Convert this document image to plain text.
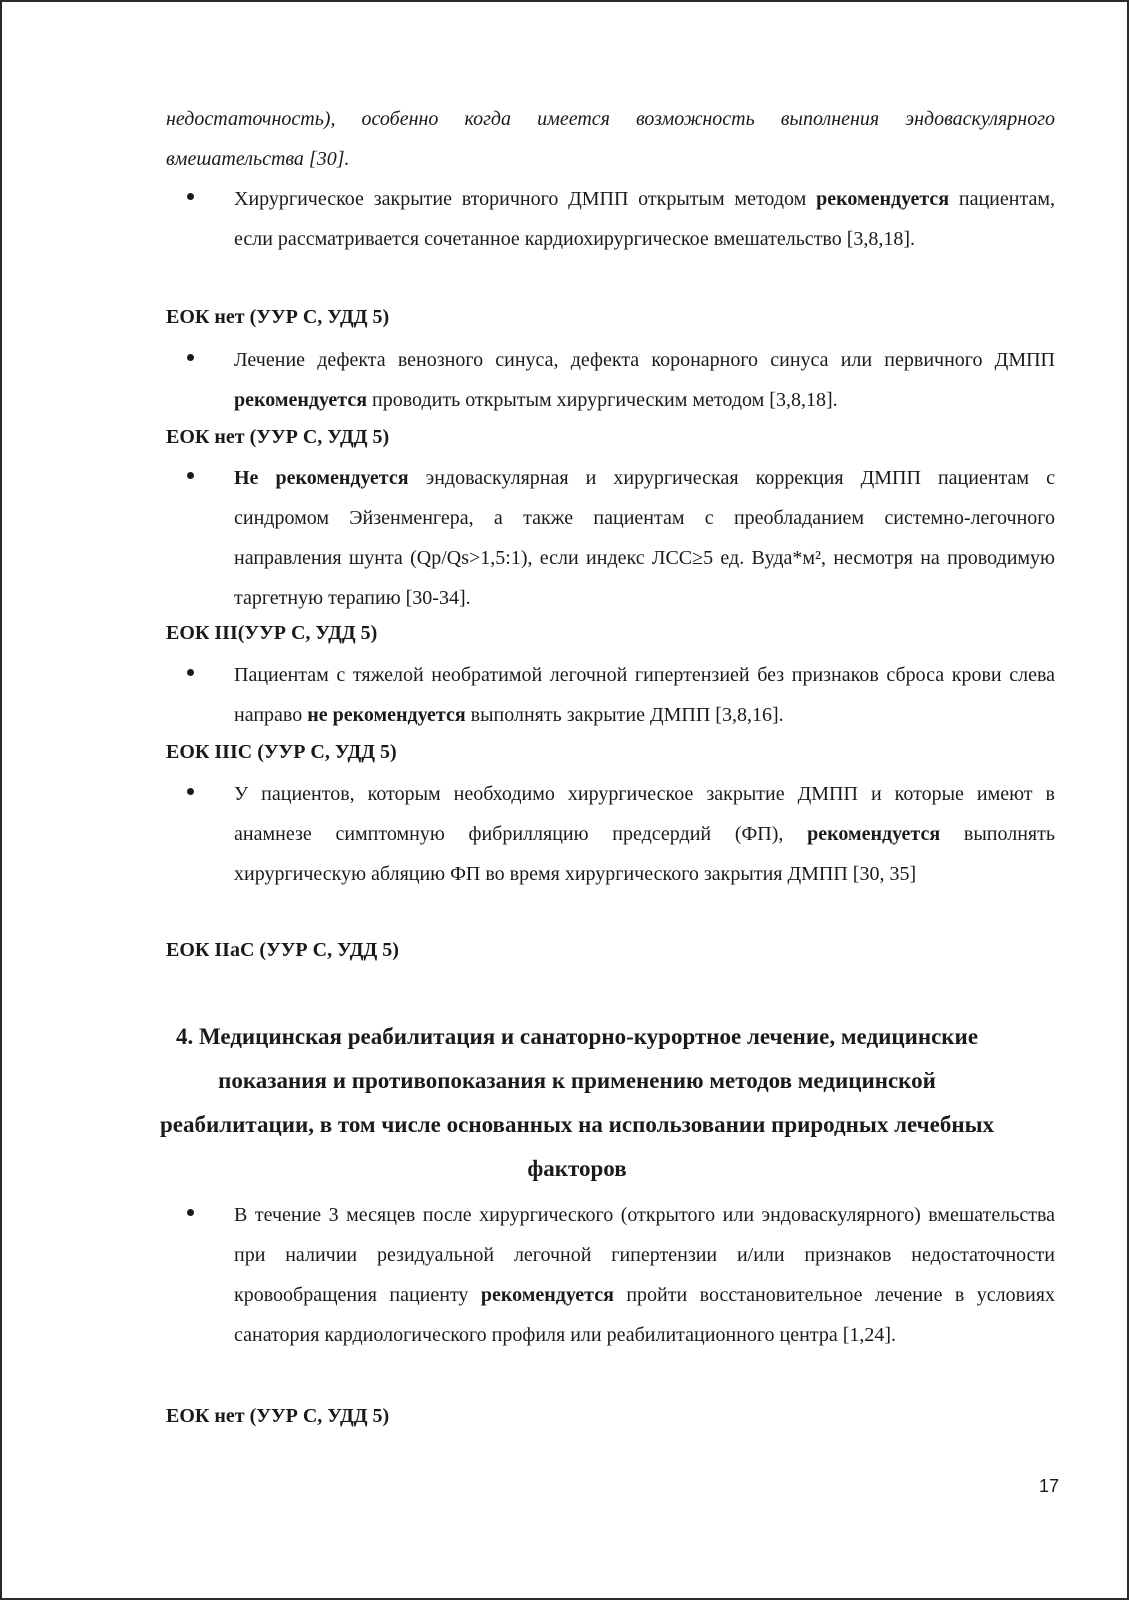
недостаточность), особенно когда имеется возможность выполнения эндоваскулярного вмешательства [30].

Хирургическое закрытие вторичного ДМПП открытым методом рекомендуется пациентам, если рассматривается сочетанное кардиохирургическое вмешательство [3,8,18].

ЕОК нет (УУР С, УДД 5)

Лечение дефекта венозного синуса, дефекта коронарного синуса или первичного ДМПП рекомендуется проводить открытым хирургическим методом [3,8,18].

ЕОК нет (УУР С, УДД 5)

Не рекомендуется эндоваскулярная и хирургическая коррекция ДМПП пациентам с синдромом Эйзенменгера, а также пациентам с преобладанием системно-легочного направления шунта (Qp/Qs>1,5:1), если индекс ЛСС≥5 ед. Вуда*м², несмотря на проводимую таргетную терапию [30-34].

ЕОК III(УУР С, УДД 5)

Пациентам с тяжелой необратимой легочной гипертензией без признаков сброса крови слева направо не рекомендуется выполнять закрытие ДМПП [3,8,16].

ЕОК IIIC (УУР С, УДД 5)

У пациентов, которым необходимо хирургическое закрытие ДМПП и которые имеют в анамнезе симптомную фибрилляцию предсердий (ФП), рекомендуется выполнять хирургическую абляцию ФП во время хирургического закрытия ДМПП [30, 35]

ЕОК IIaC (УУР С, УДД 5)

4. Медицинская реабилитация и санаторно-курортное лечение, медицинские показания и противопоказания к применению методов медицинской реабилитации, в том числе основанных на использовании природных лечебных факторов

В течение 3 месяцев после хирургического (открытого или эндоваскулярного) вмешательства при наличии резидуальной легочной гипертензии и/или признаков недостаточности кровообращения пациенту рекомендуется пройти восстановительное лечение в условиях санатория кардиологического профиля или реабилитационного центра [1,24].

ЕОК нет (УУР С, УДД 5)

17
